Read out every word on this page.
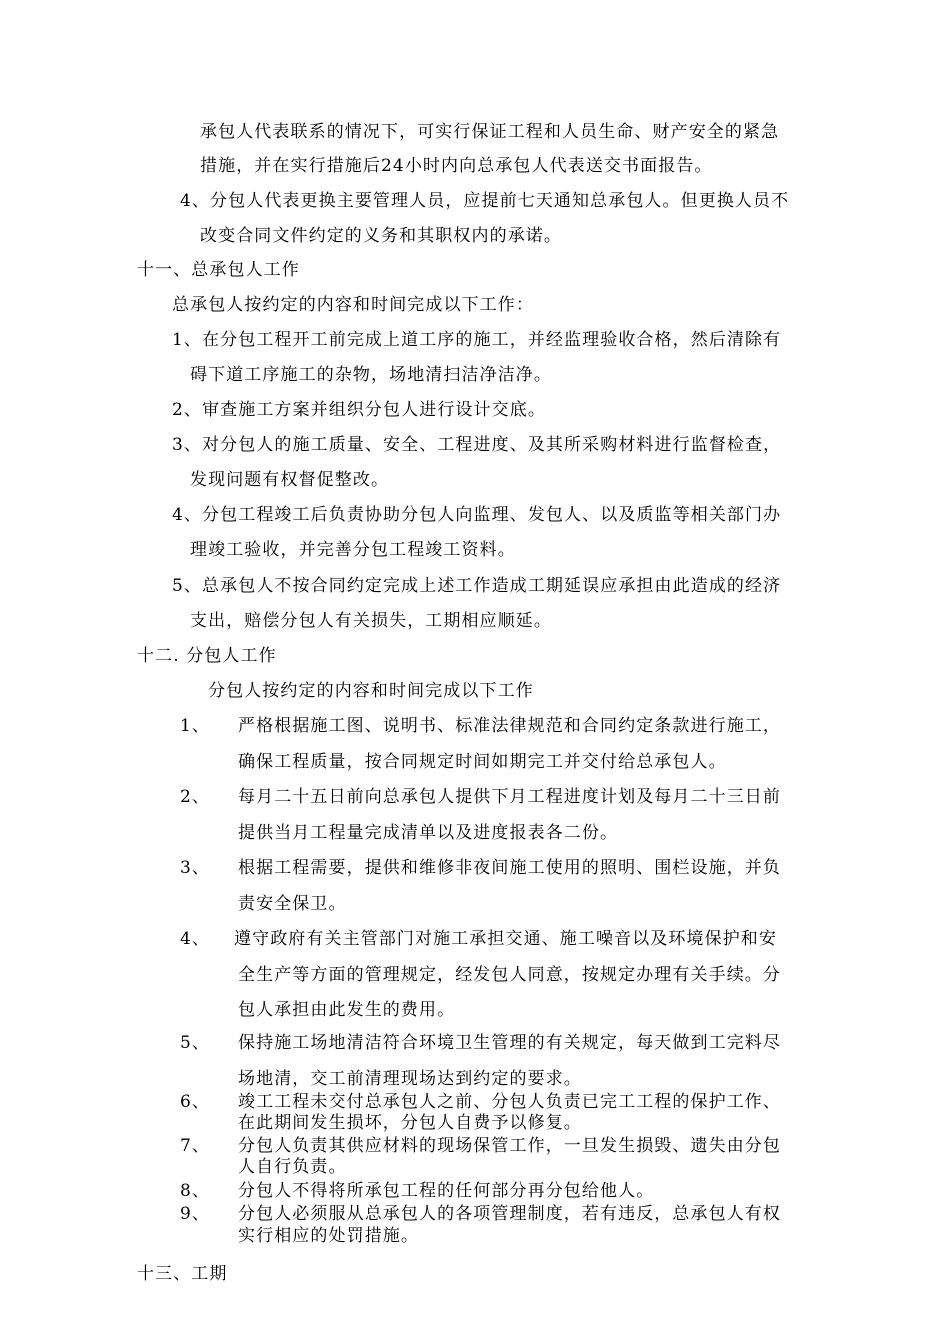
承包人代表联系的情况下，可实行保证工程和人员生命、财产安全的紧急
措施，并在实行措施后24小时内向总承包人代表送交书面报告。
4、分包人代表更换主要管理人员，应提前七天通知总承包人。但更换人员不
改变合同文件约定的义务和其职权内的承诺。
十一、总承包人工作
总承包人按约定的内容和时间完成以下工作：
1、在分包工程开工前完成上道工序的施工，并经监理验收合格，然后清除有
碍下道工序施工的杂物，场地清扫洁净洁净。
2、审查施工方案并组织分包人进行设计交底。
3、对分包人的施工质量、安全、工程进度、及其所采购材料进行监督检查，
发现问题有权督促整改。
4、分包工程竣工后负责协助分包人向监理、发包人、以及质监等相关部门办
理竣工验收，并完善分包工程竣工资料。
5、总承包人不按合同约定完成上述工作造成工期延误应承担由此造成的经济
支出，赔偿分包人有关损失，工期相应顺延。
十二. 分包人工作
分包人按约定的内容和时间完成以下工作
1、 严格根据施工图、说明书、标准法律规范和合同约定条款进行施工，
确保工程质量，按合同规定时间如期完工并交付给总承包人。
2、 每月二十五日前向总承包人提供下月工程进度计划及每月二十三日前
提供当月工程量完成清单以及进度报表各二份。
3、 根据工程需要，提供和维修非夜间施工使用的照明、围栏设施，并负
责安全保卫。
4、 遵守政府有关主管部门对施工承担交通、施工噪音以及环境保护和安
全生产等方面的管理规定，经发包人同意，按规定办理有关手续。分
包人承担由此发生的费用。
5、 保持施工场地清洁符合环境卫生管理的有关规定，每天做到工完料尽
场地清，交工前清理现场达到约定的要求。
6、 竣工工程未交付总承包人之前、分包人负责已完工工程的保护工作、
在此期间发生损坏，分包人自费予以修复。
7、 分包人负责其供应材料的现场保管工作，一旦发生损毁、遗失由分包
人自行负责。
8、 分包人不得将所承包工程的任何部分再分包给他人。
9、 分包人必须服从总承包人的各项管理制度，若有违反，总承包人有权
实行相应的处罚措施。
十三、工期
